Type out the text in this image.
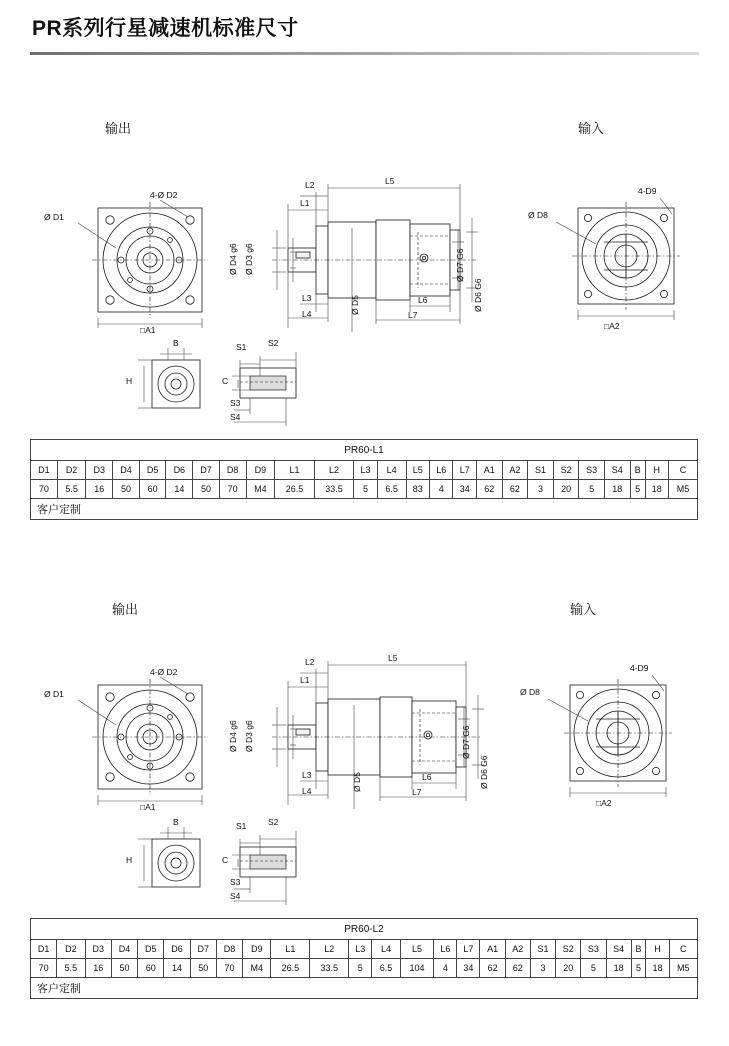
PR系列行星减速机标准尺寸
输出	输入
Ø D1
4-Ø D2
□A1
L1
L2	L5
L3
L4
L6
L7
Ø D4 g6 Ø D3 g6
Ø D5	Ø D6 G6
Ø D7 G6
Ø D8
4-D9
□A2
B
H
S1	S2
C
S3
S4
PR60-L1																								
D1	D2	D3	D4	D5	D6	D7	D8	D9	L1	L2	L3	L4	L5	L6	L7	A1	A2	S1	S2	S3	S4	B	H	C
70	5.5	16	50	60	14	50	70	M4	26.5	33.5	5	6.5	83	4	34	62	62	3	20	5	18	5	18	M5
客户定制																								
输出	输入
Ø D1
4-Ø D2
□A1
L1
L2	L5
L3
L4
L6
L7
Ø D4 g6 Ø D3 g6
Ø D5	Ø D6 G6
Ø D7 G6
Ø D8
4-D9
□A2
B
H
S1	S2
C
S3
S4
PR60-L2																								
D1	D2	D3	D4	D5	D6	D7	D8	D9	L1	L2	L3	L4	L5	L6	L7	A1	A2	S1	S2	S3	S4	B	H	C
70	5.5	16	50	60	14	50	70	M4	26.5	33.5	5	6.5	104	4	34	62	62	3	20	5	18	5	18	M5
客户定制																								
